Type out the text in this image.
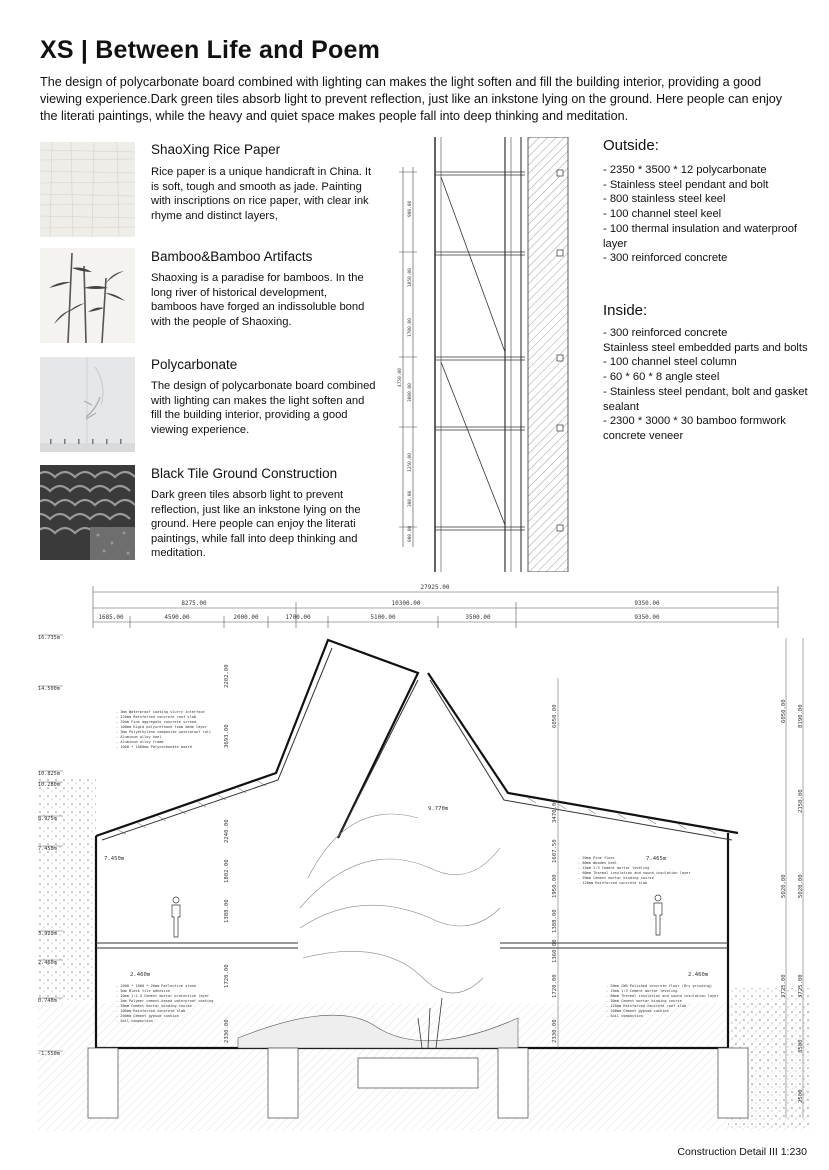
XS | Between Life and Poem
The design of polycarbonate board combined with lighting can makes the light soften and fill the building interior, providing a good viewing experience.Dark green tiles absorb light to prevent reflection, just like an inkstone lying on the ground. Here people can enjoy the literati paintings, while the heavy and quiet space makes people fall into deep thinking and meditation.
ShaoXing Rice Paper
Rice paper is a unique handicraft in China. It is soft, tough and smooth as jade. Painting with inscriptions on rice paper, with clear ink rhyme and distinct layers,
Bamboo&Bamboo Artifacts
Shaoxing is a paradise for bamboos. In the long river of historical development, bamboos have forged an indissoluble bond with the people of Shaoxing.
Polycarbonate
The design of polycarbonate board combined with lighting can makes the light soften and fill the building interior, providing a good viewing experience.
Black Tile Ground Construction
Dark green tiles absorb light to prevent reflection, just like an inkstone lying on the ground. Here people can enjoy the literati paintings, while fall into deep thinking and meditation.
900.00
1050.00
1700.00
3000.00
4750.00
1250.00
300.00
900.00
Outside:
- 2350 * 3500 * 12 polycarbonate
- Stainless steel pendant and bolt
- 800 stainless steel keel
- 100 channel steel keel
- 100 thermal insulation and waterproof layer
- 300 reinforced concrete
Inside:
- 300 reinforced concrete
Stainless steel embedded parts and bolts
- 100 channel steel column
- 60 * 60 * 8 angle steel
- Stainless steel pendant, bolt and gasket sealant
- 2300 * 3000 * 30 bamboo formwork concrete veneer
27925.00
8275.00	10300.00	9350.00
1685.00	4590.00	2000.00	1700.00	5100.00	3500.00	9350.00
16.735m
14.500m
10.825m
10.280m
8.975m
7.450m
3.920m
2.460m
0.740m
-1.550m
8190.00
2150.00
5020.00
3725.00
3500
2500
6050.00
5020.00
3725.00
2202.00
3693.00
2240.00
1802.00
1388.00
1720.00
2330.00
6050.00
3470.00
1607.50
1950.00
1388.00
1360.00
1720.00
2330.00
7.450m	7.465m
9.770m
2.460m	2.460m
- 3mm Waterproof coating slurry interface
- 120mm Reinforced concrete roof slab
- 32mm Fine aggregate concrete screed
- 100mm Rigid polyurethane foam made layer
- 3mm Polyethylene composite waterproof roll
- Aluminum alloy keel
- Aluminum alloy frame
- 1000 * 1000mm Polycarbonate board
- 20mm Pine floor
- 80mm Wooden keel
- 15mm 1:3 Cement mortar leveling
- 60mm Thermal insulation and sound insulation layer
- 50mm Cement mortar binding course
- 120mm Reinforced concrete slab
- 1000 * 1000 * 20mm Reflective stone
- 5mm Black tile adhesive
- 20mm 1:2.5 Cement mortar protective layer
- 2mm Polymer cement-based waterproof coating
- 30mm Cement mortar binding course
- 100mm Reinforced concrete slab
- 200mm Cement gypsum cushion
- Soil compaction
- 20mm CW0 Polished concrete floor (Dry grinding)
- 15mm 1:3 Cement mortar leveling
- 80mm Thermal insulation and sound insulation layer
- 30mm Cement mortar binding course
- 120mm Reinforced concrete roof slab
- 100mm Cement gypsum cushion
- Soil compaction
Construction Detail III 1:230
